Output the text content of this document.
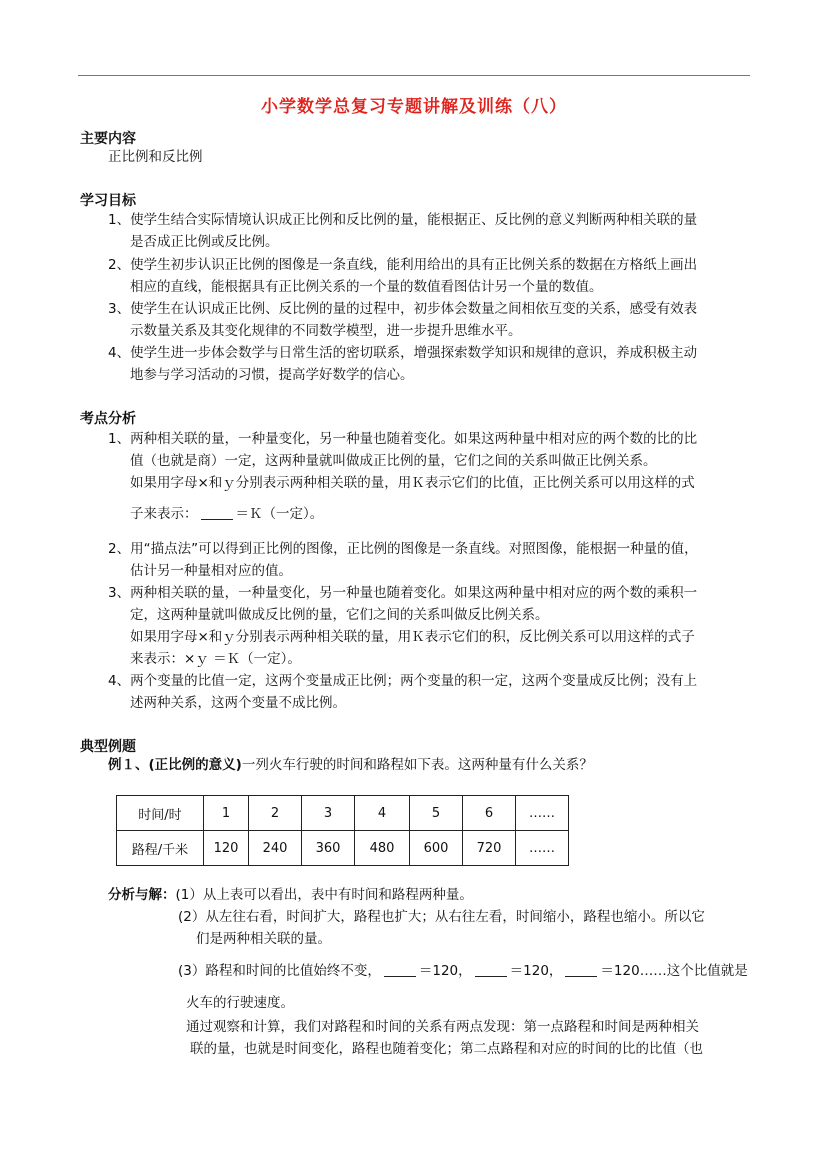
小学数学总复习专题讲解及训练（八）
主要内容
正比例和反比例
学习目标
1、使学生结合实际情境认识成正比例和反比例的量，能根据正、反比例的意义判断两种相关联的量
是否成正比例或反比例。
2、使学生初步认识正比例的图像是一条直线，能利用给出的具有正比例关系的数据在方格纸上画出
相应的直线，能根据具有正比例关系的一个量的数值看图估计另一个量的数值。
3、使学生在认识成正比例、反比例的量的过程中，初步体会数量之间相依互变的关系，感受有效表
示数量关系及其变化规律的不同数学模型，进一步提升思维水平。
4、使学生进一步体会数学与日常生活的密切联系，增强探索数学知识和规律的意识，养成积极主动
地参与学习活动的习惯，提高学好数学的信心。
考点分析
1、两种相关联的量，一种量变化，另一种量也随着变化。如果这两种量中相对应的两个数的比的比
值（也就是商）一定，这两种量就叫做成正比例的量，它们之间的关系叫做正比例关系。
如果用字母×和ｙ分别表示两种相关联的量，用Ｋ表示它们的比值，正比例关系可以用这样的式
子来表示：	＝Ｋ（一定）。
2、用“描点法”可以得到正比例的图像，正比例的图像是一条直线。对照图像，能根据一种量的值，
估计另一种量相对应的值。
3、两种相关联的量，一种量变化，另一种量也随着变化。如果这两种量中相对应的两个数的乘积一
定，这两种量就叫做成反比例的量，它们之间的关系叫做反比例关系。
如果用字母×和ｙ分别表示两种相关联的量，用Ｋ表示它们的积，反比例关系可以用这样的式子
来表示：×ｙ ＝Ｋ（一定）。
4、两个变量的比值一定，这两个变量成正比例；两个变量的积一定，这两个变量成反比例；没有上
述两种关系，这两个变量不成比例。
典型例题
例１、(正比例的意义)一列火车行驶的时间和路程如下表。这两种量有什么关系？
时间/时	1	2	3	4	5	6	……
路程/千米	120	240	360	480	600	720	……
分析与解：(1）从上表可以看出，表中有时间和路程两种量。
(2）从左往右看，时间扩大，路程也扩大；从右往左看，时间缩小，路程也缩小。所以它
们是两种相关联的量。
(3）路程和时间的比值始终不变，	＝120，	＝120，	＝120……这个比值就是
火车的行驶速度。
通过观察和计算，我们对路程和时间的关系有两点发现：第一点路程和时间是两种相关
联的量，也就是时间变化，路程也随着变化；第二点路程和对应的时间的比的比值（也
